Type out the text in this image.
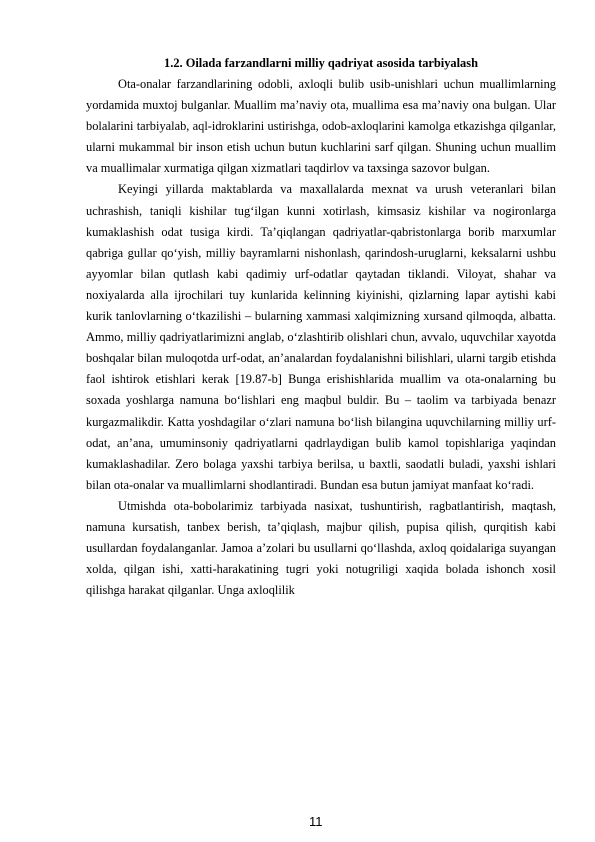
1.2. Oilada farzandlarni milliy qadriyat asosida tarbiyalash

Ota-onalar farzandlarining odobli, axloqli bulib usib-unishlari uchun muallimlarning yordamida muxtoj bulganlar. Muallim ma’naviy ota, muallima esa ma’naviy ona bulgan. Ular bolalarini tarbiyalab, aql-idroklarini ustirishga, odob-axloqlarini kamolga etkazishga qilganlar, ularni mukammal bir inson etish uchun butun kuchlarini sarf qilgan. Shuning uchun muallim va muallimalar xurmatiga qilgan xizmatlari taqdirlov va taxsinga sazovor bulgan.

Keyingi yillarda maktablarda va maxallalarda mexnat va urush veteranlari bilan uchrashish, taniqli kishilar tug‘ilgan kunni xotirlash, kimsasiz kishilar va nogironlarga kumaklashish odat tusiga kirdi. Ta’qiqlangan qadriyatlar-qabristonlarga borib marxumlar qabriga gullar qo‘yish, milliy bayramlarni nishonlash, qarindosh-uruglarni, keksalarni ushbu ayyomlar bilan qutlash kabi qadimiy urf-odatlar qaytadan tiklandi. Viloyat, shahar va noxiyalarda alla ijrochilari tuy kunlarida kelinning kiyinishi, qizlarning lapar aytishi kabi kurik tanlovlarning o‘tkazilishi – bularning xammasi xalqimizning xursand qilmoqda, albatta. Ammo, milliy qadriyatlarimizni anglab, o‘zlashtirib olishlari chun, avvalo, uquvchilar xayotda boshqalar bilan muloqotda urf-odat, an’analardan foydalanishni bilishlari, ularni targib etishda faol ishtirok etishlari kerak [19.87-b] Bunga erishishlarida muallim va ota-onalarning bu soxada yoshlarga namuna bo‘lishlari eng maqbul buldir. Bu – taolim va tarbiyada benazr kurgazmalikdir. Katta yoshdagilar o‘zlari namuna bo‘lish bilangina uquvchilarning milliy urf-odat, an’ana, umuminsoniy qadriyatlarni qadrlaydigan bulib kamol topishlariga yaqindan kumaklashadilar. Zero bolaga yaxshi tarbiya berilsa, u baxtli, saodatli buladi, yaxshi ishlari bilan ota-onalar va muallimlarni shodlantiradi. Bundan esa butun jamiyat manfaat ko‘radi.

Utmishda ota-bobolarimiz tarbiyada nasixat, tushuntirish, ragbatlantirish, maqtash, namuna kursatish, tanbex berish, ta’qiqlash, majbur qilish, pupisa qilish, qurqitish kabi usullardan foydalanganlar. Jamoa a’zolari bu usullarni qo‘llashda, axloq qoidalariga suyangan xolda, qilgan ishi, xatti-harakatining tugri yoki notugriligi xaqida bolada ishonch xosil qilishga harakat qilganlar. Unga axloqlilik

11
